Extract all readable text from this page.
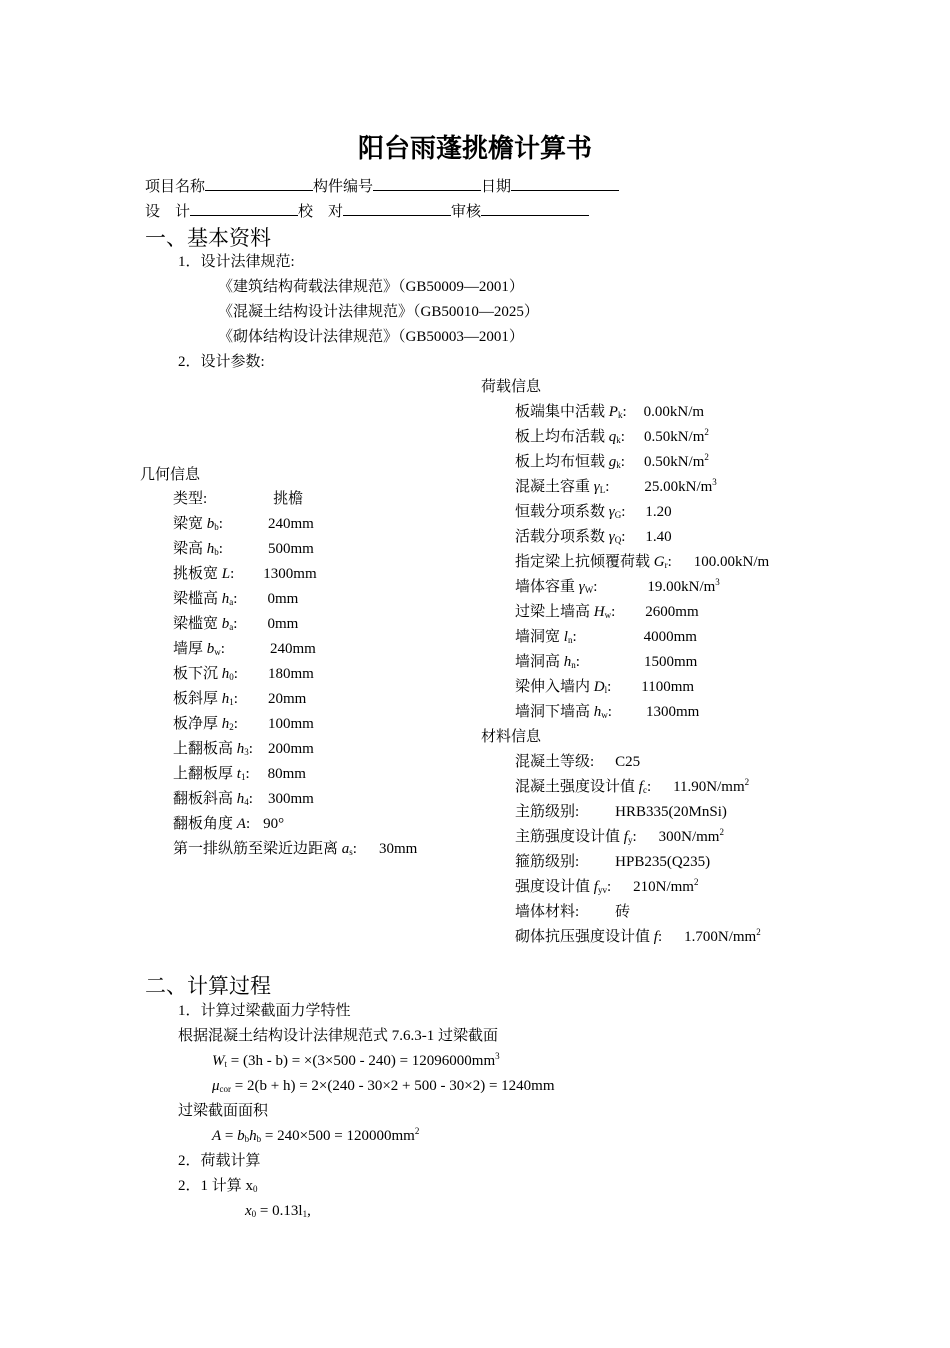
阳台雨蓬挑檐计算书
项目名称	构件编号	日期
设　计	校　对	审核
一、基本资料
1．设计法律规范:
《建筑结构荷载法律规范》（GB50009—2001）
《混凝土结构设计法律规范》（GB50010—2025）
《砌体结构设计法律规范》（GB50003—2001）
2．设计参数:
几何信息
类型:	挑檐
梁宽 $b_b$:	240mm
梁高 $h_b$:	500mm
挑板宽 L: 1300mm
梁槛高 $h_a$: 0mm
梁槛宽 $b_a$: 0mm
墙厚 $b_w$:	240mm
板下沉 $h_0$: 180mm
板斜厚 $h_1$: 20mm
板净厚 $h_2$: 100mm
上翻板高 $h_3$: 200mm
上翻板厚 $t_1$: 80mm
翻板斜高 $h_4$: 300mm
翻板角度 A: 90°
第一排纵筋至梁近边距离 $a_s$: 30mm
荷载信息
板端集中活载 $P_k$: 0.00kN/m
板上均布活载 $q_k$: $0.50kN/m^2$
板上均布恒载 $g_k$: $0.50kN/m^2$
混凝土容重 $\gamma_L$: $25.00kN/m^3$
恒载分项系数 $\gamma_G$: 1.20
活载分项系数 $\gamma_Q$: 1.40
指定梁上抗倾覆荷载 $G_r$: 100.00kN/m
墙体容重 $\gamma_W$:	$19.00kN/m^3$
过梁上墙高 $H_w$: 2600mm
墙洞宽 $l_n$:	4000mm
墙洞高 $h_n$:	1500mm
梁伸入墙内 $D_l$: 1100mm
墙洞下墙高 $h_w$: 1300mm
材料信息
混凝土等级: C25
混凝土强度设计值 $f_c$: $11.90N/mm^2$
主筋级别: HRB335(20MnSi)
主筋强度设计值 $f_y$: $300N/mm^2$
箍筋级别: HPB235(Q235)
强度设计值 $f_{yv}$: $210N/mm^2$
墙体材料: 砖
砌体抗压强度设计值 f: $1.700N/mm^2$
二、计算过程
1．计算过梁截面力学特性
根据混凝土结构设计法律规范式 7.6.3-1 过梁截面
$W_t = (3h - b) = \times(3\times 500 - 240) = 12096000mm^3$
$\mu_{cor} = 2(b + h) = 2\times(240 - 30\times 2 + 500 - 30\times 2) = 1240mm$
过梁截面面积
$A = b_bh_b = 240\times 500 = 120000mm^2$
2．荷载计算
2．1 计算 $x_0$
$x_0 = 0.13l_1$,
